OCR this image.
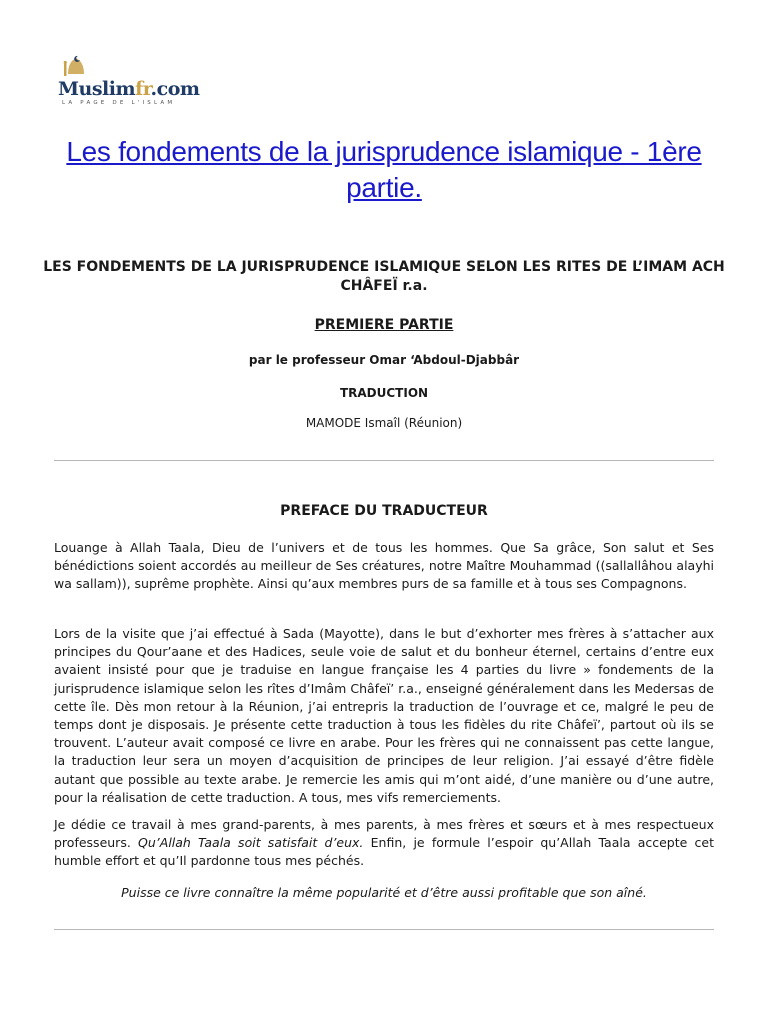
Muslimfr.com
LA PAGE DE L'ISLAM
Les fondements de la jurisprudence islamique - 1ère partie.
LES FONDEMENTS DE LA JURISPRUDENCE ISLAMIQUE SELON LES RITES DE L’IMAM ACH CHÂFEÏ r.a.
PREMIERE PARTIE
par le professeur Omar ‘Abdoul-Djabbâr
TRADUCTION
MAMODE Ismaîl (Réunion)
PREFACE DU TRADUCTEUR

Louange à Allah Taala, Dieu de l’univers et de tous les hommes. Que Sa grâce, Son salut et Ses bénédictions soient accordés au meilleur de Ses créatures, notre Maître Mouhammad ((sallallâhou alayhi wa sallam)), suprême prophète. Ainsi qu’aux membres purs de sa famille et à tous ses Compagnons.

Lors de la visite que j’ai effectué à Sada (Mayotte), dans le but d’exhorter mes frères à s’attacher aux principes du Qour’aane et des Hadices, seule voie de salut et du bonheur éternel, certains d’entre eux avaient insisté pour que je traduise en langue française les 4 parties du livre » fondements de la jurisprudence islamique selon les rîtes d’Imâm Châfeï’ r.a., enseigné généralement dans les Medersas de cette île. Dès mon retour à la Réunion, j’ai entrepris la traduction de l’ouvrage et ce, malgré le peu de temps dont je disposais. Je présente cette traduction à tous les fidèles du rite Châfeï’, partout où ils se trouvent. L’auteur avait composé ce livre en arabe. Pour les frères qui ne connaissent pas cette langue, la traduction leur sera un moyen d’acquisition de principes de leur religion. J’ai essayé d’être fidèle autant que possible au texte arabe. Je remercie les amis qui m’ont aidé, d’une manière ou d’une autre, pour la réalisation de cette traduction. A tous, mes vifs remerciements.

Je dédie ce travail à mes grand-parents, à mes parents, à mes frères et sœurs et à mes respectueux professeurs. Qu’Allah Taala soit satisfait d’eux. Enfin, je formule l’espoir qu’Allah Taala accepte cet humble effort et qu’Il pardonne tous mes péchés.

Puisse ce livre connaître la même popularité et d’être aussi profitable que son aîné.
